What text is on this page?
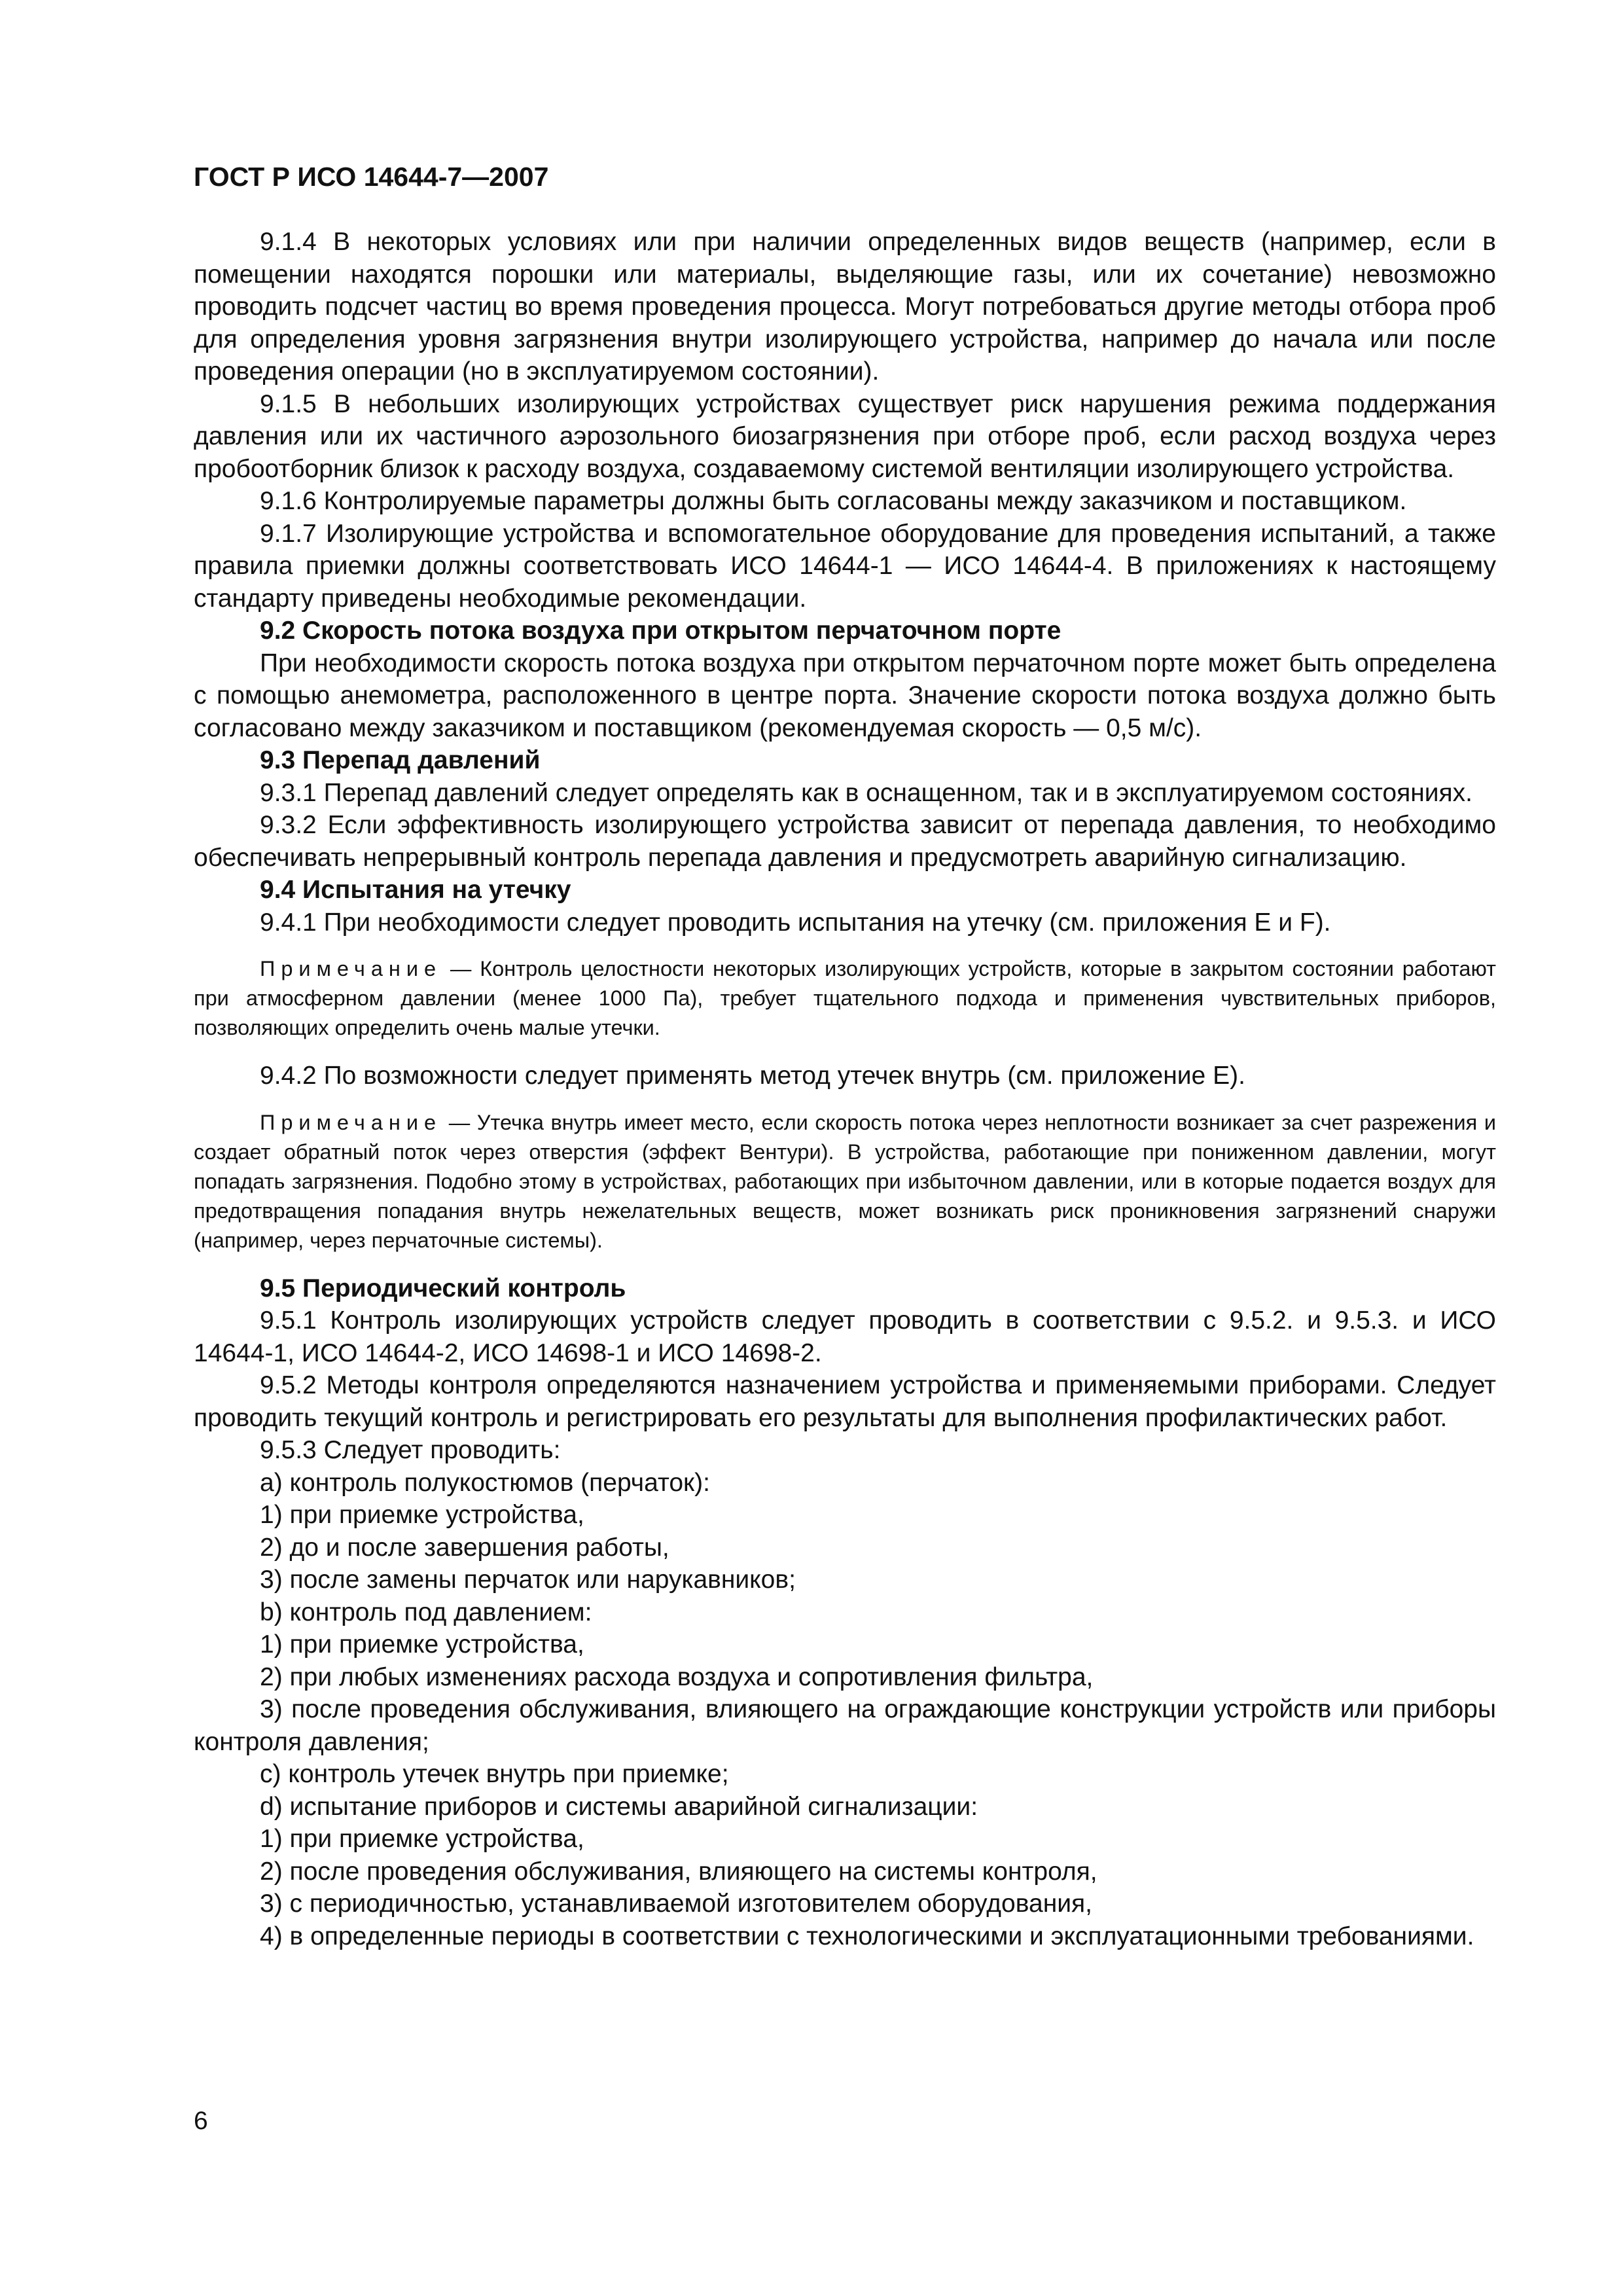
ГОСТ Р ИСО 14644-7—2007

9.1.4 В некоторых условиях или при наличии определенных видов веществ (например, если в помещении находятся порошки или материалы, выделяющие газы, или их сочетание) невозможно проводить подсчет частиц во время проведения процесса. Могут потребоваться другие методы отбора проб для определения уровня загрязнения внутри изолирующего устройства, например до начала или после проведения операции (но в эксплуатируемом состоянии).

9.1.5 В небольших изолирующих устройствах существует риск нарушения режима поддержания давления или их частичного аэрозольного биозагрязнения при отборе проб, если расход воздуха через пробоотборник близок к расходу воздуха, создаваемому системой вентиляции изолирующего устройства.

9.1.6 Контролируемые параметры должны быть согласованы между заказчиком и поставщиком.

9.1.7 Изолирующие устройства и вспомогательное оборудование для проведения испытаний, а также правила приемки должны соответствовать ИСО 14644-1 — ИСО 14644-4. В приложениях к настоящему стандарту приведены необходимые рекомендации.

9.2 Скорость потока воздуха при открытом перчаточном порте

При необходимости скорость потока воздуха при открытом перчаточном порте может быть определена с помощью анемометра, расположенного в центре порта. Значение скорости потока воздуха должно быть согласовано между заказчиком и поставщиком (рекомендуемая скорость — 0,5 м/с).

9.3 Перепад давлений

9.3.1 Перепад давлений следует определять как в оснащенном, так и в эксплуатируемом состояниях.

9.3.2 Если эффективность изолирующего устройства зависит от перепада давления, то необходимо обеспечивать непрерывный контроль перепада давления и предусмотреть аварийную сигнализацию.

9.4 Испытания на утечку

9.4.1 При необходимости следует проводить испытания на утечку (см. приложения Е и F).

Примечание — Контроль целостности некоторых изолирующих устройств, которые в закрытом состоянии работают при атмосферном давлении (менее 1000 Па), требует тщательного подхода и применения чувствительных приборов, позволяющих определить очень малые утечки.

9.4.2 По возможности следует применять метод утечек внутрь (см. приложение Е).

Примечание — Утечка внутрь имеет место, если скорость потока через неплотности возникает за счет разрежения и создает обратный поток через отверстия (эффект Вентури). В устройства, работающие при пониженном давлении, могут попадать загрязнения. Подобно этому в устройствах, работающих при избыточном давлении, или в которые подается воздух для предотвращения попадания внутрь нежелательных веществ, может возникать риск проникновения загрязнений снаружи (например, через перчаточные системы).

9.5 Периодический контроль

9.5.1 Контроль изолирующих устройств следует проводить в соответствии с 9.5.2. и 9.5.3. и ИСО 14644-1, ИСО 14644-2, ИСО 14698-1 и ИСО 14698-2.

9.5.2 Методы контроля определяются назначением устройства и применяемыми приборами. Следует проводить текущий контроль и регистрировать его результаты для выполнения профилактических работ.

9.5.3 Следует проводить:

а) контроль полукостюмов (перчаток):

1) при приемке устройства,

2) до и после завершения работы,

3) после замены перчаток или нарукавников;

b) контроль под давлением:

1) при приемке устройства,

2) при любых изменениях расхода воздуха и сопротивления фильтра,

3) после проведения обслуживания, влияющего на ограждающие конструкции устройств или приборы контроля давления;

с) контроль утечек внутрь при приемке;

d) испытание приборов и системы аварийной сигнализации:

1) при приемке устройства,

2) после проведения обслуживания, влияющего на системы контроля,

3) с периодичностью, устанавливаемой изготовителем оборудования,

4) в определенные периоды в соответствии с технологическими и эксплуатационными требованиями.

6
